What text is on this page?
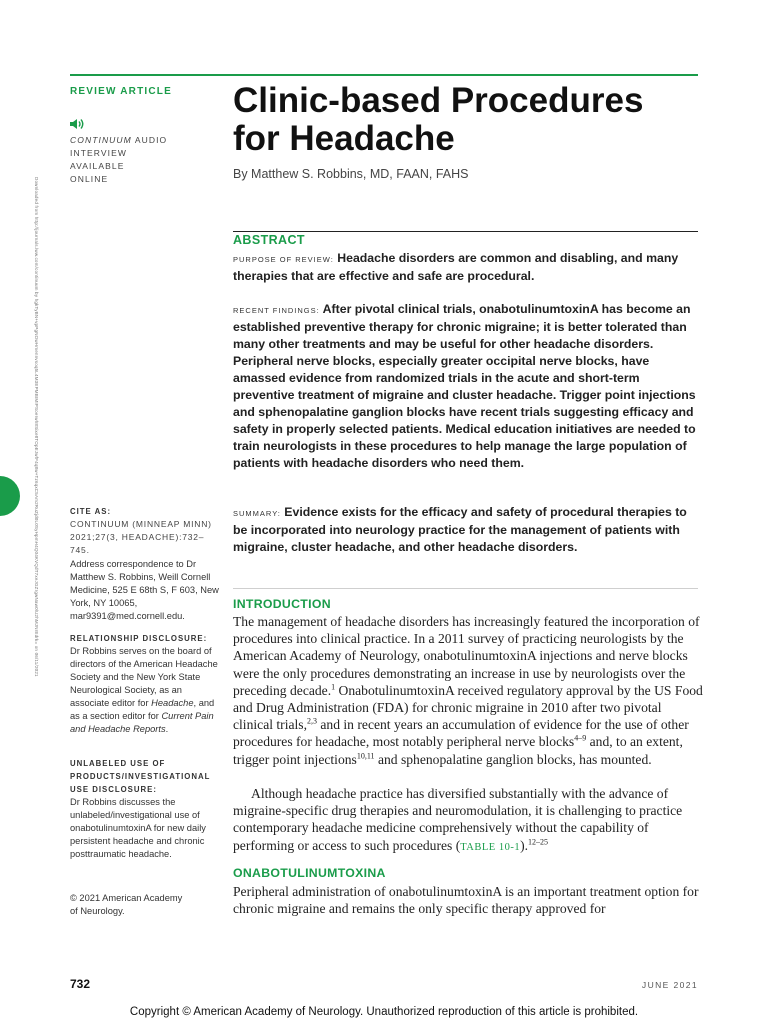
REVIEW ARTICLE
CONTINUUM AUDIO
INTERVIEW AVAILABLE
ONLINE
Clinic-based Procedures
for Headache
By Matthew S. Robbins, MD, FAAN, FAHS
ABSTRACT

PURPOSE OF REVIEW: Headache disorders are common and disabling, and many therapies that are effective and safe are procedural.

RECENT FINDINGS: After pivotal clinical trials, onabotulinumtoxinA has become an established preventive therapy for chronic migraine; it is better tolerated than many other treatments and may be useful for other headache disorders. Peripheral nerve blocks, especially greater occipital nerve blocks, have amassed evidence from randomized trials in the acute and short-term preventive treatment of migraine and cluster headache. Trigger point injections and sphenopalatine ganglion blocks have recent trials suggesting efficacy and safety in properly selected patients. Medical education initiatives are needed to train neurologists in these procedures to help manage the large population of patients with headache disorders who need them.

SUMMARY: Evidence exists for the efficacy and safety of procedural therapies to be incorporated into neurology practice for the management of patients with migraine, cluster headache, and other headache disorders.

Downloaded from http://journals.lww.com/continuum by hgkTyBN+vpPgNOwHmennvsoq5L4M3EPMBIMIPSoerwh8Sixe8TOpEJwfF4q8w+Tz6qxC5Am2RuZjd0L0SyHpmH4Q04KVQdT7xeJGZrgwNaw0lU2hMJNrEdrk= on 06/11/2021	CITE AS:
CONTINUUM (MINNEAP MINN)
2021;27(3, HEADACHE):732–745.
Address correspondence to Dr Matthew S. Robbins, Weill Cornell Medicine, 525 E 68th S, F 603, New York, NY 10065, mar9391@med.cornell.edu.
RELATIONSHIP DISCLOSURE:
Dr Robbins serves on the board of directors of the American Headache Society and the New York State Neurological Society, as an associate editor for Headache, and as a section editor for Current Pain and Headache Reports.
UNLABELED USE OF PRODUCTS/INVESTIGATIONAL USE DISCLOSURE:
Dr Robbins discusses the unlabeled/investigational use of onabotulinumtoxinA for new daily persistent headache and chronic posttraumatic headache.
© 2021 American Academy
of Neurology.
INTRODUCTION

The management of headache disorders has increasingly featured the incorporation of procedures into clinical practice. In a 2011 survey of practicing neurologists by the American Academy of Neurology, onabotulinumtoxinA injections and nerve blocks were the only procedures demonstrating an increase in use by neurologists over the preceding decade.$^1$ OnabotulinumtoxinA received regulatory approval by the US Food and Drug Administration (FDA) for chronic migraine in 2010 after two pivotal clinical trials,$^{2,3}$ and in recent years an accumulation of evidence for the use of other procedures for headache, most notably peripheral nerve blocks$^{4-9}$ and, to an extent, trigger point injections$^{10,11}$ and sphenopalatine ganglion blocks, has mounted.

Although headache practice has diversified substantially with the advance of migraine-specific drug therapies and neuromodulation, it is challenging to practice contemporary headache medicine comprehensively without the capability of performing or access to such procedures (TABLE 10-1).$^{12-25}$

ONABOTULINUMTOXINA

Peripheral administration of onabotulinumtoxinA is an important treatment option for chronic migraine and remains the only specific therapy approved for

732	JUNE 2021
Copyright © American Academy of Neurology. Unauthorized reproduction of this article is prohibited.
